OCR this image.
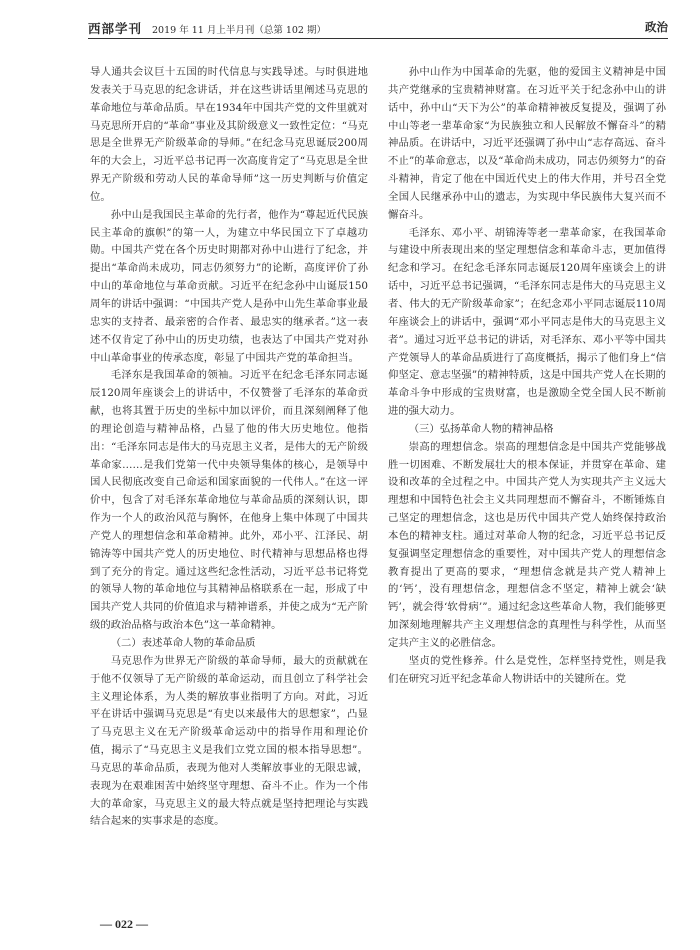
西部学刊 2019 年 11 月上半月刊（总第 102 期）	政治

导人通共会议巨十五国的时代信息与实践导述。与时俱进地发表关于马克思的纪念讲话，并在这些讲话里阐述马克思的革命地位与革命品质。早在1934年中国共产党的文件里就对马克思所开启的“革命”事业及其阶级意义一致性定位：“马克思是全世界无产阶级革命的导师。”在纪念马克思诞辰200周年的大会上，习近平总书记再一次高度肯定了“马克思是全世界无产阶级和劳动人民的革命导师”这一历史判断与价值定位。

孙中山是我国民主革命的先行者，他作为“尊起近代民族民主革命的旗帜”的第一人，为建立中华民国立下了卓越功勋。中国共产党在各个历史时期都对孙中山进行了纪念，并提出“革命尚未成功，同志仍须努力”的论断，高度评价了孙中山的革命地位与革命贡献。习近平在纪念孙中山诞辰150周年的讲话中强调：“中国共产党人是孙中山先生革命事业最忠实的支持者、最亲密的合作者、最忠实的继承者。”这一表述不仅肯定了孙中山的历史功绩，也表达了中国共产党对孙中山革命事业的传承态度，彰显了中国共产党的革命担当。

毛泽东是我国革命的领袖。习近平在纪念毛泽东同志诞辰120周年座谈会上的讲话中，不仅赞誉了毛泽东的革命贡献，也将其置于历史的坐标中加以评价，而且深刻阐释了他的理论创造与精神品格，凸显了他的伟大历史地位。他指出：“毛泽东同志是伟大的马克思主义者，是伟大的无产阶级革命家……是我们党第一代中央领导集体的核心，是领导中国人民彻底改变自己命运和国家面貌的一代伟人。”在这一评价中，包含了对毛泽东革命地位与革命品质的深刻认识，即作为一个人的政治风范与胸怀，在他身上集中体现了中国共产党人的理想信念和革命精神。此外，邓小平、江泽民、胡锦涛等中国共产党人的历史地位、时代精神与思想品格也得到了充分的肯定。通过这些纪念性活动，习近平总书记将党的领导人物的革命地位与其精神品格联系在一起，形成了中国共产党人共同的价值追求与精神谱系，并使之成为“无产阶级的政治品格与政治本色”这一革命精神。

（二）表述革命人物的革命品质

马克思作为世界无产阶级的革命导师，最大的贡献就在于他不仅领导了无产阶级的革命运动，而且创立了科学社会主义理论体系，为人类的解放事业指明了方向。对此，习近平在讲话中强调马克思是“有史以来最伟大的思想家”，凸显了马克思主义在无产阶级革命运动中的指导作用和理论价值，揭示了“马克思主义是我们立党立国的根本指导思想”。马克思的革命品质，表现为他对人类解放事业的无限忠诚，表现为在艰难困苦中始终坚守理想、奋斗不止。作为一个伟大的革命家，马克思主义的最大特点就是坚持把理论与实践结合起来的实事求是的态度。

孙中山作为中国革命的先驱，他的爱国主义精神是中国共产党继承的宝贵精神财富。在习近平关于纪念孙中山的讲话中，孙中山“天下为公”的革命精神被反复提及，强调了孙中山等老一辈革命家“为民族独立和人民解放不懈奋斗”的精神品质。在讲话中，习近平还强调了孙中山“志存高远、奋斗不止”的革命意志，以及“革命尚未成功，同志仍须努力”的奋斗精神，肯定了他在中国近代史上的伟大作用，并号召全党全国人民继承孙中山的遗志，为实现中华民族伟大复兴而不懈奋斗。

毛泽东、邓小平、胡锦涛等老一辈革命家，在我国革命与建设中所表现出来的坚定理想信念和革命斗志，更加值得纪念和学习。在纪念毛泽东同志诞辰120周年座谈会上的讲话中，习近平总书记强调，“毛泽东同志是伟大的马克思主义者、伟大的无产阶级革命家”；在纪念邓小平同志诞辰110周年座谈会上的讲话中，强调“邓小平同志是伟大的马克思主义者”。通过习近平总书记的讲话，对毛泽东、邓小平等中国共产党领导人的革命品质进行了高度概括，揭示了他们身上“信仰坚定、意志坚强”的精神特质，这是中国共产党人在长期的革命斗争中形成的宝贵财富，也是激励全党全国人民不断前进的强大动力。

（三）弘扬革命人物的精神品格

崇高的理想信念。崇高的理想信念是中国共产党能够战胜一切困难、不断发展壮大的根本保证，并贯穿在革命、建设和改革的全过程之中。中国共产党人为实现共产主义远大理想和中国特色社会主义共同理想而不懈奋斗，不断锤炼自己坚定的理想信念，这也是历代中国共产党人始终保持政治本色的精神支柱。通过对革命人物的纪念，习近平总书记反复强调坚定理想信念的重要性，对中国共产党人的理想信念教育提出了更高的要求，“理想信念就是共产党人精神上的‘钙’，没有理想信念，理想信念不坚定，精神上就会‘缺钙’，就会得‘软骨病’”。通过纪念这些革命人物，我们能够更加深刻地理解共产主义理想信念的真理性与科学性，从而坚定共产主义的必胜信念。

坚贞的党性修养。什么是党性，怎样坚持党性，则是我们在研究习近平纪念革命人物讲话中的关键所在。党

— 022 —
